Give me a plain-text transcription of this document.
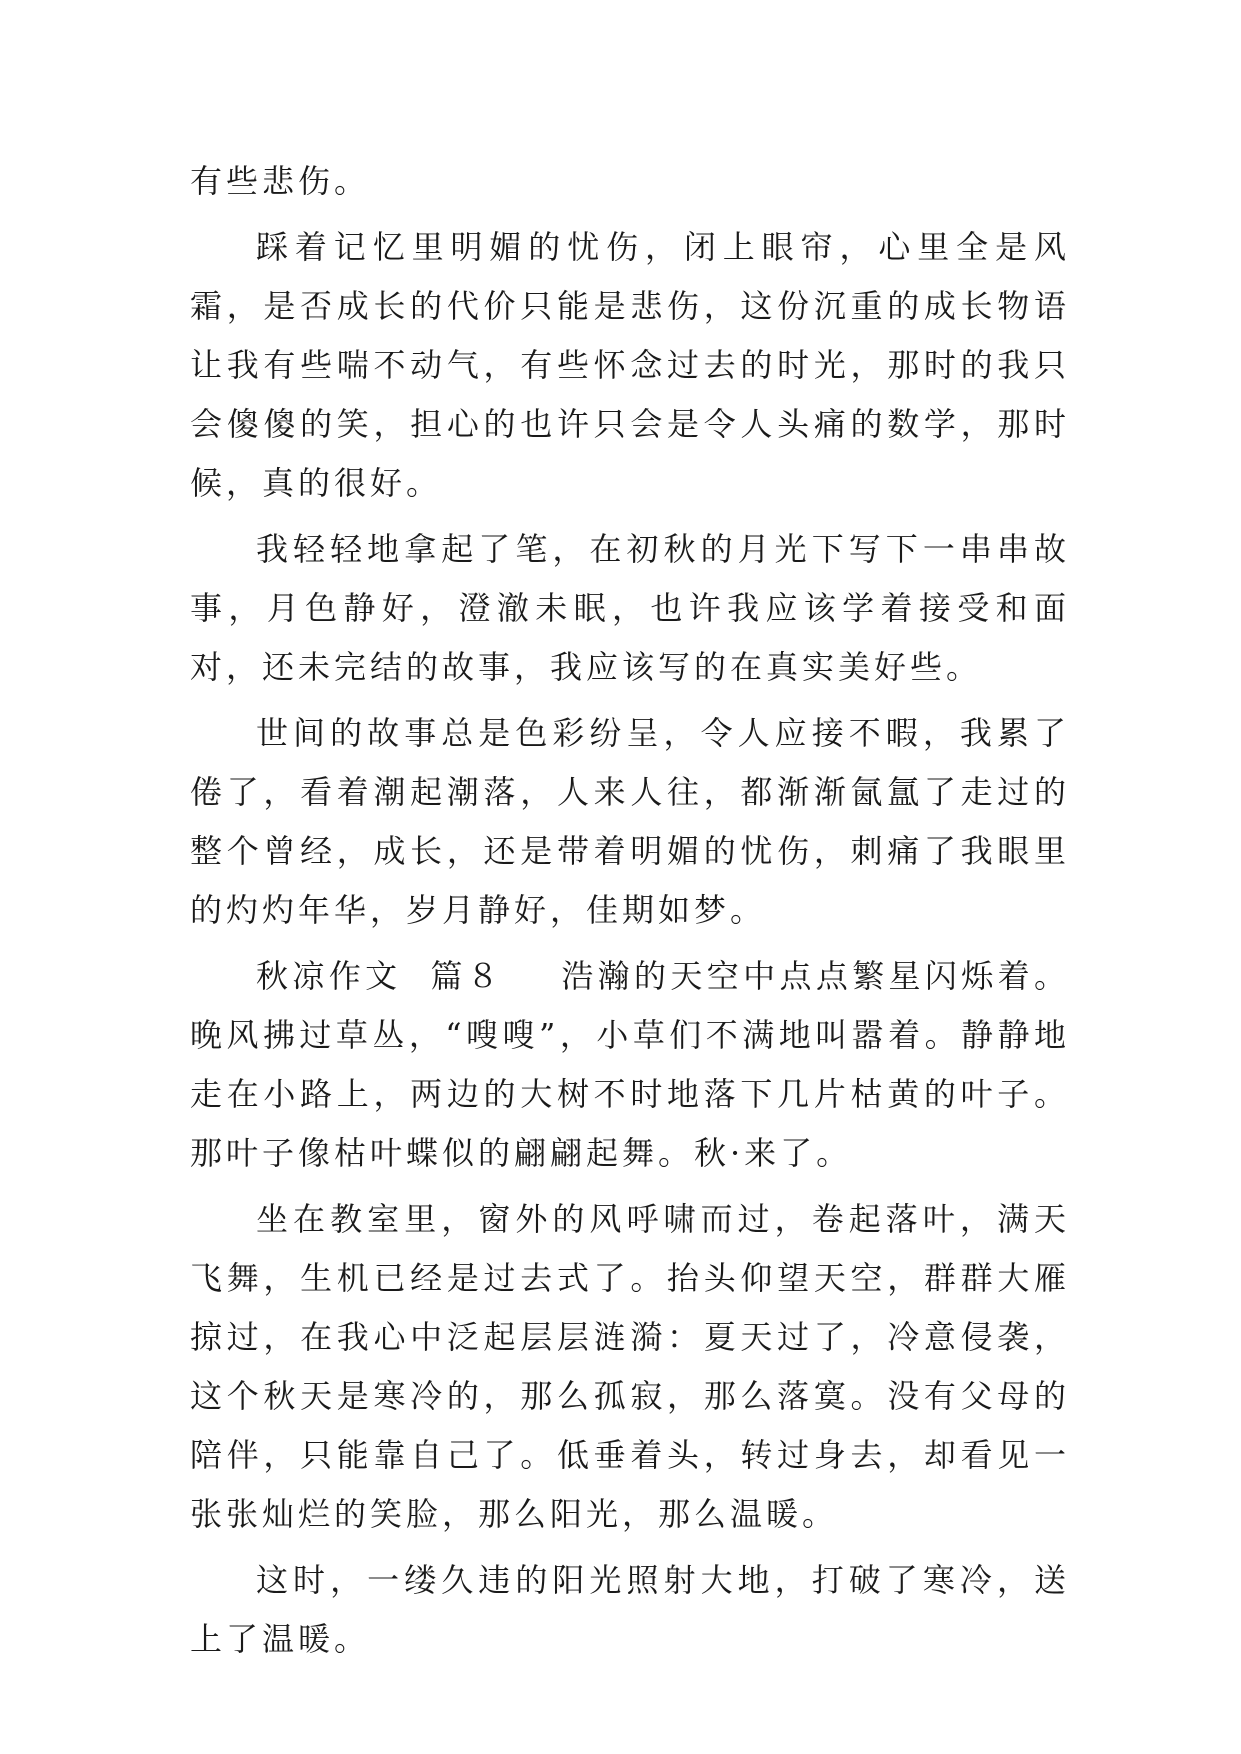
有些悲伤。

踩着记忆里明媚的忧伤，闭上眼帘，心里全是风霜，是否成长的代价只能是悲伤，这份沉重的成长物语让我有些喘不动气，有些怀念过去的时光，那时的我只会傻傻的笑，担心的也许只会是令人头痛的数学，那时候，真的很好。

我轻轻地拿起了笔，在初秋的月光下写下一串串故事，月色静好，澄澈未眠，也许我应该学着接受和面对，还未完结的故事，我应该写的在真实美好些。

世间的故事总是色彩纷呈，令人应接不暇，我累了倦了，看着潮起潮落，人来人往，都渐渐氤氲了走过的整个曾经，成长，还是带着明媚的忧伤，刺痛了我眼里的灼灼年华，岁月静好，佳期如梦。

秋凉作文  篇８    浩瀚的天空中点点繁星闪烁着。晚风拂过草丛，“嗖嗖”，小草们不满地叫嚣着。静静地走在小路上，两边的大树不时地落下几片枯黄的叶子。那叶子像枯叶蝶似的翩翩起舞。秋·来了。

坐在教室里，窗外的风呼啸而过，卷起落叶，满天飞舞，生机已经是过去式了。抬头仰望天空，群群大雁掠过，在我心中泛起层层涟漪：夏天过了，冷意侵袭，这个秋天是寒冷的，那么孤寂，那么落寞。没有父母的陪伴，只能靠自己了。低垂着头，转过身去，却看见一张张灿烂的笑脸，那么阳光，那么温暖。

这时，一缕久违的阳光照射大地，打破了寒冷，送上了温暖。
